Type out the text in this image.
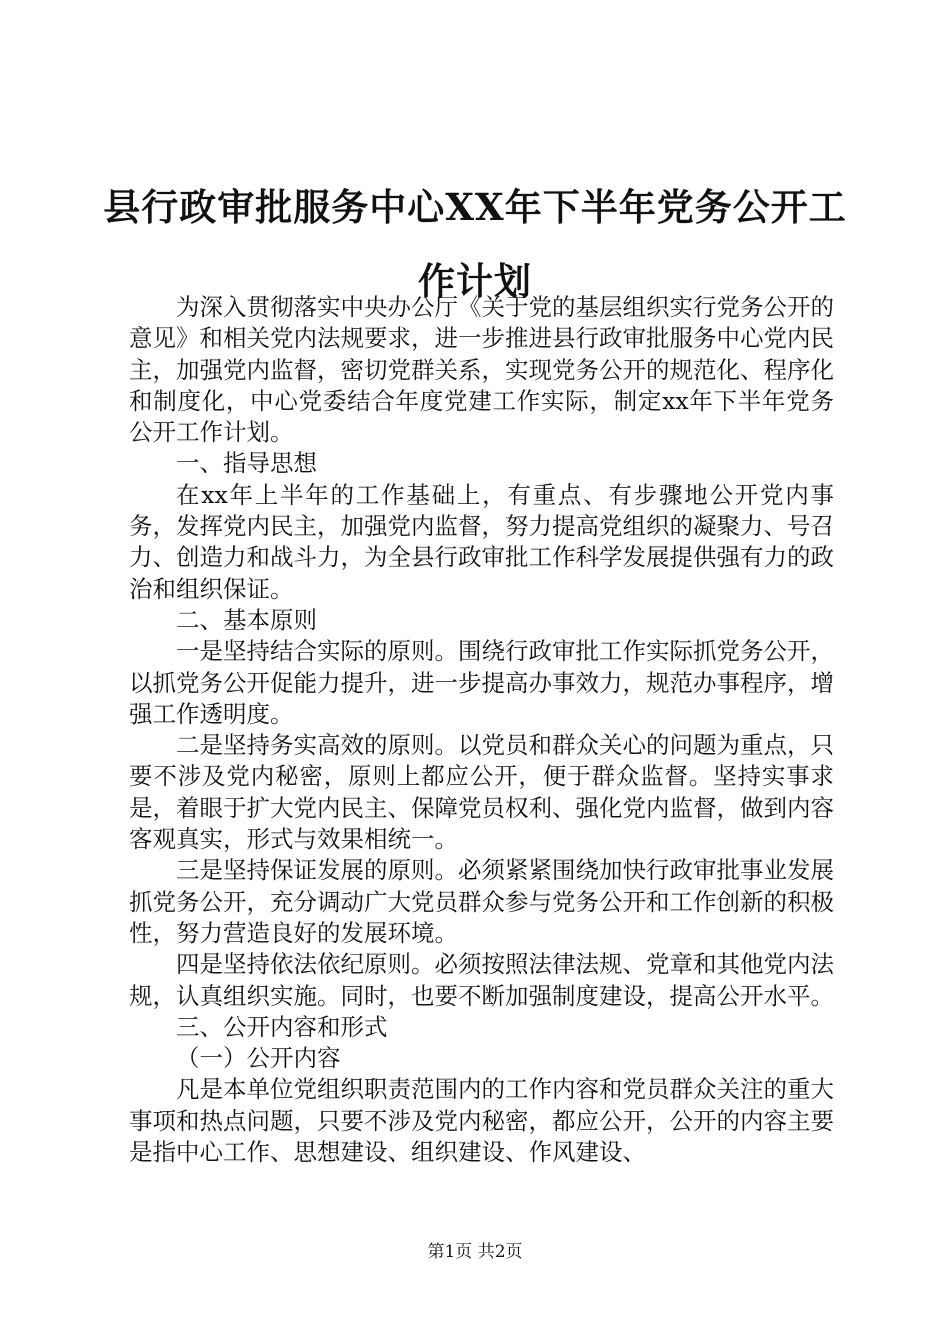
县行政审批服务中心XX年下半年党务公开工
作计划

为深入贯彻落实中央办公厅《关于党的基层组织实行党务公开的意见》和相关党内法规要求，进一步推进县行政审批服务中心党内民主，加强党内监督，密切党群关系，实现党务公开的规范化、程序化和制度化，中心党委结合年度党建工作实际，制定xx年下半年党务公开工作计划。

一、指导思想

在xx年上半年的工作基础上，有重点、有步骤地公开党内事务，发挥党内民主，加强党内监督，努力提高党组织的凝聚力、号召力、创造力和战斗力，为全县行政审批工作科学发展提供强有力的政治和组织保证。

二、基本原则

一是坚持结合实际的原则。围绕行政审批工作实际抓党务公开，以抓党务公开促能力提升，进一步提高办事效力，规范办事程序，增强工作透明度。

二是坚持务实高效的原则。以党员和群众关心的问题为重点，只要不涉及党内秘密，原则上都应公开，便于群众监督。坚持实事求是，着眼于扩大党内民主、保障党员权利、强化党内监督，做到内容客观真实，形式与效果相统一。

三是坚持保证发展的原则。必须紧紧围绕加快行政审批事业发展抓党务公开，充分调动广大党员群众参与党务公开和工作创新的积极性，努力营造良好的发展环境。

四是坚持依法依纪原则。必须按照法律法规、党章和其他党内法规，认真组织实施。同时，也要不断加强制度建设，提高公开水平。

三、公开内容和形式

（一）公开内容

凡是本单位党组织职责范围内的工作内容和党员群众关注的重大事项和热点问题，只要不涉及党内秘密，都应公开，公开的内容主要是指中心工作、思想建设、组织建设、作风建设、

第1页 共2页
